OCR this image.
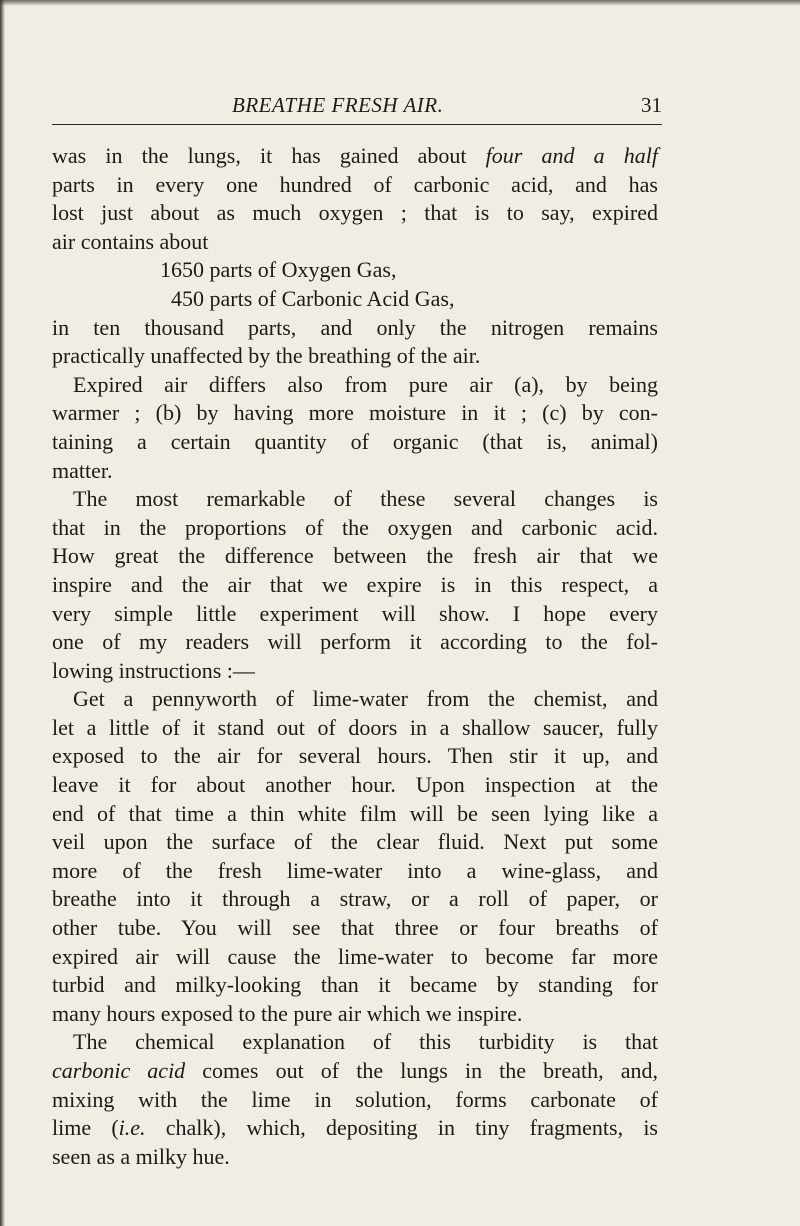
BREATHE FRESH AIR.	31
was in the lungs, it has gained about four and a half
parts in every one hundred of carbonic acid, and has
lost just about as much oxygen ; that is to say, expired
air contains about
1650 parts of Oxygen Gas,
450 parts of Carbonic Acid Gas,
in ten thousand parts, and only the nitrogen remains
practically unaffected by the breathing of the air.
Expired air differs also from pure air (a), by being
warmer ; (b) by having more moisture in it ; (c) by con-
taining a certain quantity of organic (that is, animal)
matter.
The most remarkable of these several changes is
that in the proportions of the oxygen and carbonic acid.
How great the difference between the fresh air that we
inspire and the air that we expire is in this respect, a
very simple little experiment will show. I hope every
one of my readers will perform it according to the fol-
lowing instructions :—
Get a pennyworth of lime-water from the chemist, and
let a little of it stand out of doors in a shallow saucer, fully
exposed to the air for several hours. Then stir it up, and
leave it for about another hour. Upon inspection at the
end of that time a thin white film will be seen lying like a
veil upon the surface of the clear fluid. Next put some
more of the fresh lime-water into a wine-glass, and
breathe into it through a straw, or a roll of paper, or
other tube. You will see that three or four breaths of
expired air will cause the lime-water to become far more
turbid and milky-looking than it became by standing for
many hours exposed to the pure air which we inspire.
The chemical explanation of this turbidity is that
carbonic acid comes out of the lungs in the breath, and,
mixing with the lime in solution, forms carbonate of
lime (i.e. chalk), which, depositing in tiny fragments, is
seen as a milky hue.
